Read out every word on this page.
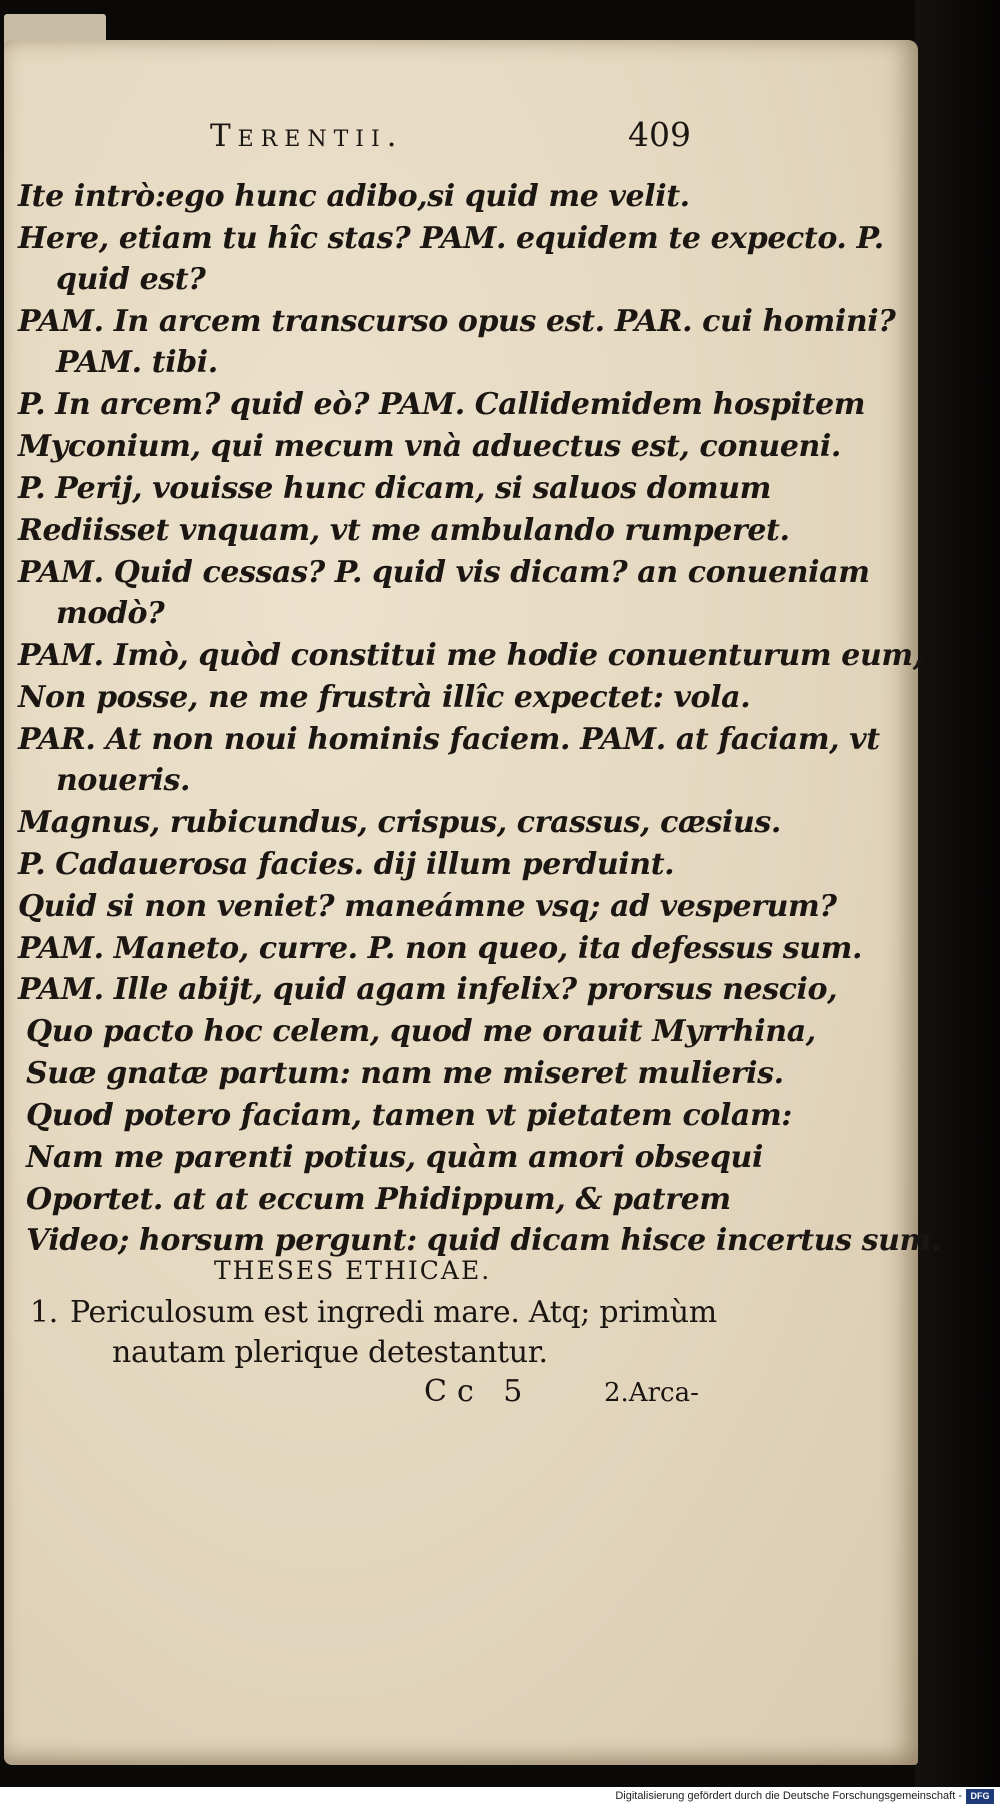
Terentii.	409
Ite intrò:ego hunc adibo,si quid me velit.
Here, etiam tu hîc stas? PAM. equidem te expecto. P.
quid est?
PAM. In arcem transcurso opus est. PAR. cui homini?
PAM. tibi.
P. In arcem? quid eò? PAM. Callidemidem hospitem
Myconium, qui mecum vnà aduectus est, conueni.
P. Perij, vouisse hunc dicam, si saluos domum
Rediisset vnquam, vt me ambulando rumperet.
PAM. Quid cessas? P. quid vis dicam? an conueniam
modò?
PAM. Imò, quòd constitui me hodie conuenturum eum,
Non posse, ne me frustrà illîc expectet: vola.
PAR. At non noui hominis faciem. PAM. at faciam, vt
noueris.
Magnus, rubicundus, crispus, crassus, cæsius.
P. Cadauerosa facies. dij illum perduint.
Quid si non veniet? maneámne vsq; ad vesperum?
PAM. Maneto, curre. P. non queo, ita defessus sum.
PAM. Ille abijt, quid agam infelix? prorsus nescio,
Quo pacto hoc celem, quod me orauit Myrrhina,
Suæ gnatæ partum: nam me miseret mulieris.
Quod potero faciam, tamen vt pietatem colam:
Nam me parenti potius, quàm amori obsequi
Oportet. at at eccum Phidippum, & patrem
Video; horsum pergunt: quid dicam hisce incertus sum.
THESES ETHICAE.
1. Periculosum est ingredi mare. Atq; primùm
nautam plerique detestantur.
Cc 5	2.Arca-
Digitalisierung gefördert durch die Deutsche Forschungsgemeinschaft - DFG
